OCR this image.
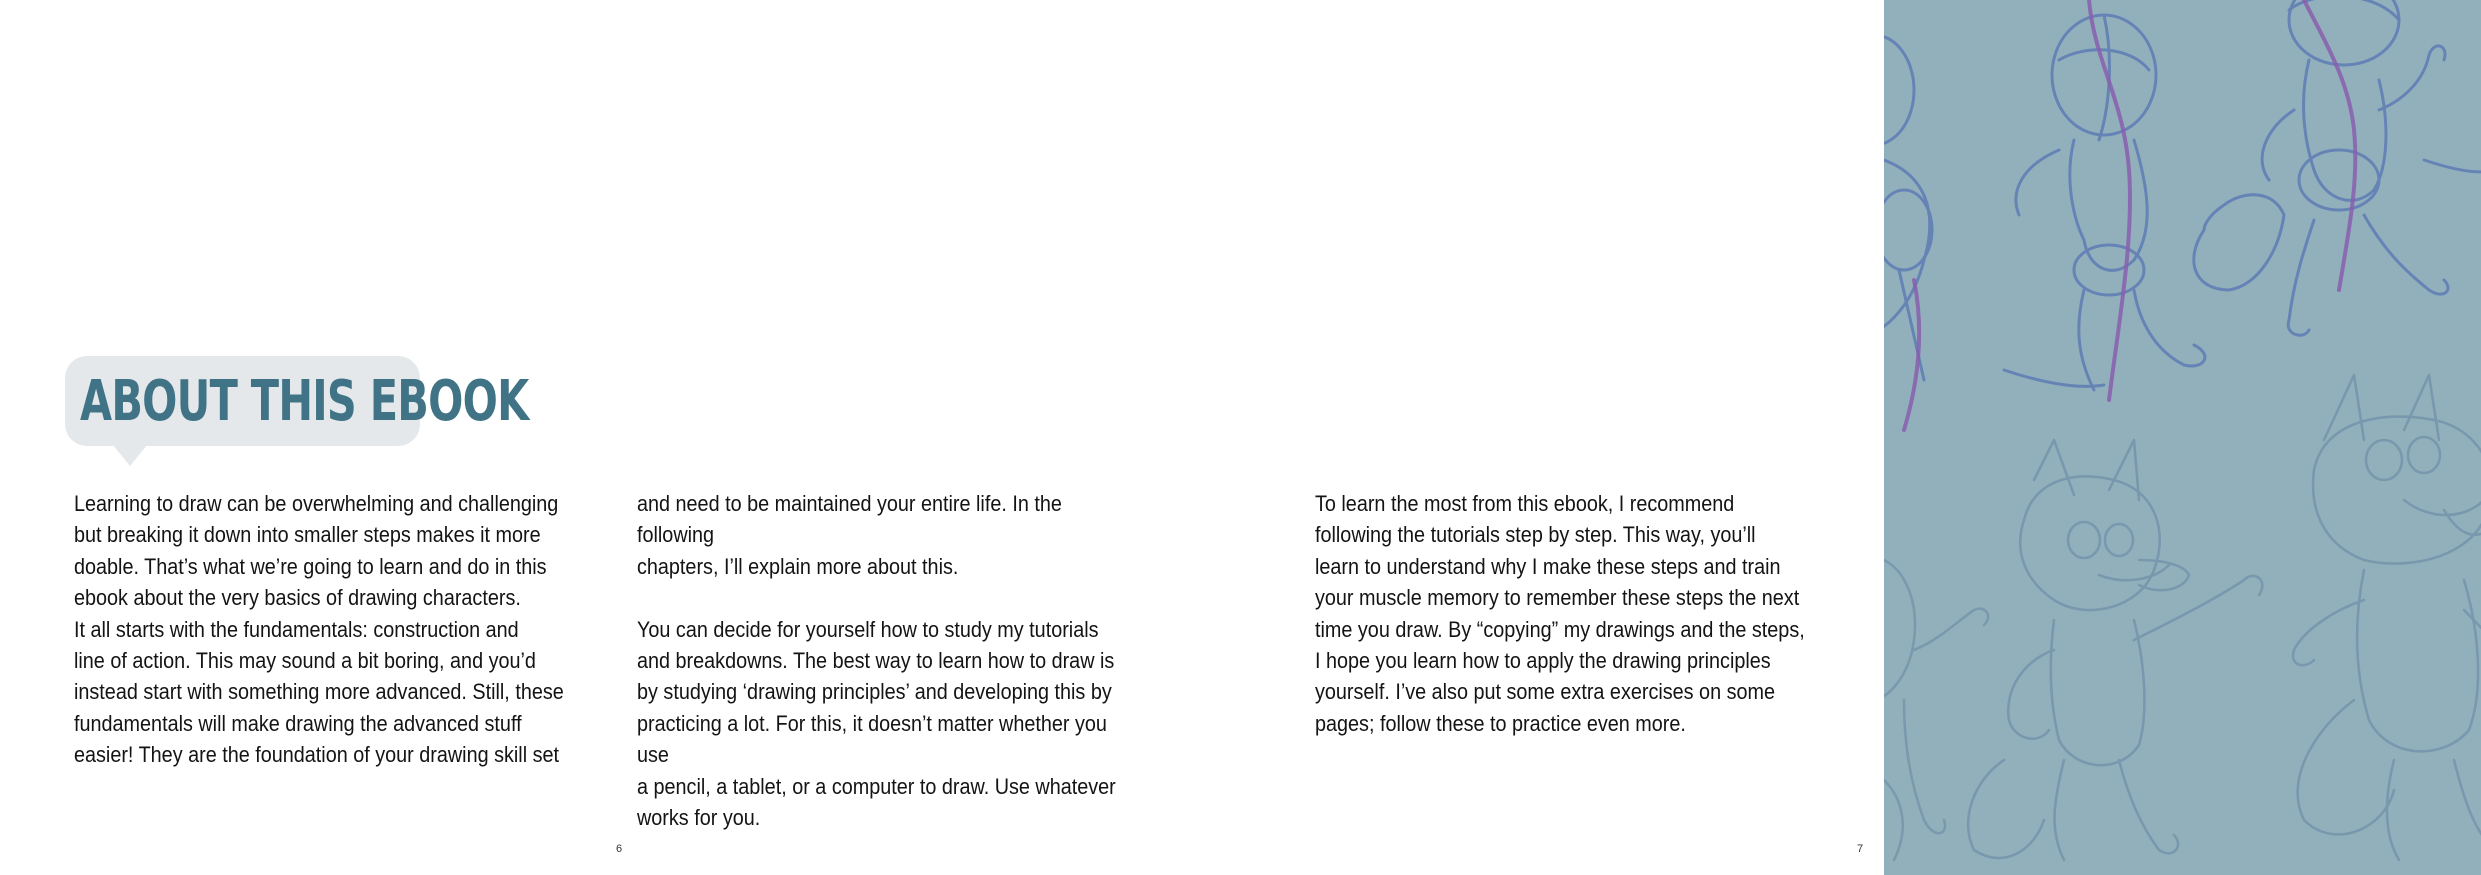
ABOUT THIS EBOOK
Learning to draw can be overwhelming and challenging
but breaking it down into smaller steps makes it more
doable. That’s what we’re going to learn and do in this
ebook about the very basics of drawing characters.
It all starts with the fundamentals: construction and
line of action. This may sound a bit boring, and you’d
instead start with something more advanced. Still, these
fundamentals will make drawing the advanced stuff
easier! They are the foundation of your drawing skill set
and need to be maintained your entire life. In the following
chapters, I’ll explain more about this.

You can decide for yourself how to study my tutorials
and breakdowns. The best way to learn how to draw is
by studying ‘drawing principles’ and developing this by
practicing a lot. For this, it doesn’t matter whether you use
a pencil, a tablet, or a computer to draw. Use whatever
works for you.
6
To learn the most from this ebook, I recommend
following the tutorials step by step. This way, you’ll
learn to understand why I make these steps and train
your muscle memory to remember these steps the next
time you draw. By “copying” my drawings and the steps,
I hope you learn how to apply the drawing principles
yourself. I’ve also put some extra exercises on some
pages; follow these to practice even more.
7
